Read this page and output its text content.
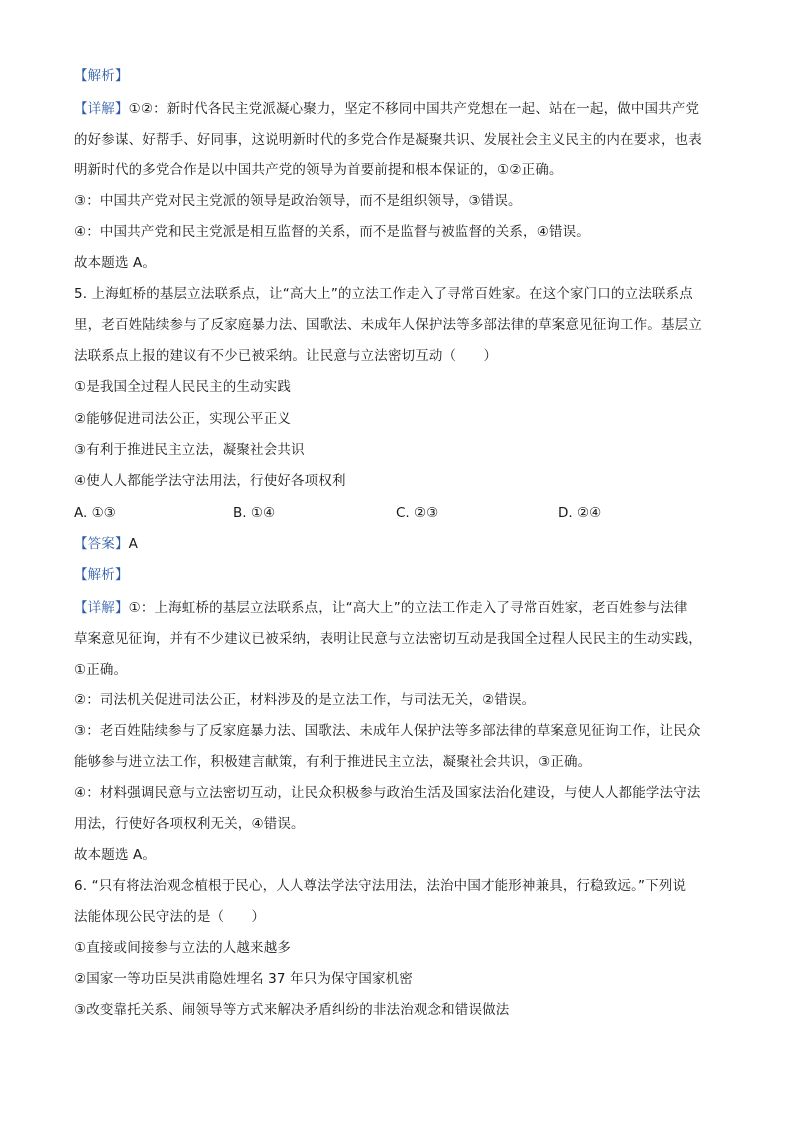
【解析】
【详解】①②：新时代各民主党派凝心聚力，坚定不移同中国共产党想在一起、站在一起，做中国共产党
的好参谋、好帮手、好同事，这说明新时代的多党合作是凝聚共识、发展社会主义民主的内在要求，也表
明新时代的多党合作是以中国共产党的领导为首要前提和根本保证的，①②正确。
③：中国共产党对民主党派的领导是政治领导，而不是组织领导，③错误。
④：中国共产党和民主党派是相互监督的关系，而不是监督与被监督的关系，④错误。
故本题选 A。
5. 上海虹桥的基层立法联系点，让“高大上”的立法工作走入了寻常百姓家。在这个家门口的立法联系点
里，老百姓陆续参与了反家庭暴力法、国歌法、未成年人保护法等多部法律的草案意见征询工作。基层立
法联系点上报的建议有不少已被采纳。让民意与立法密切互动（　　）
①是我国全过程人民民主的生动实践
②能够促进司法公正，实现公平正义
③有利于推进民主立法，凝聚社会共识
④使人人都能学法守法用法，行使好各项权利
A. ①③	B. ①④	C. ②③	D. ②④
【答案】A
【解析】
【详解】①：上海虹桥的基层立法联系点，让“高大上”的立法工作走入了寻常百姓家，老百姓参与法律
草案意见征询，并有不少建议已被采纳，表明让民意与立法密切互动是我国全过程人民民主的生动实践，
①正确。
②：司法机关促进司法公正，材料涉及的是立法工作，与司法无关，②错误。
③：老百姓陆续参与了反家庭暴力法、国歌法、未成年人保护法等多部法律的草案意见征询工作，让民众
能够参与进立法工作，积极建言献策，有利于推进民主立法，凝聚社会共识，③正确。
④：材料强调民意与立法密切互动，让民众积极参与政治生活及国家法治化建设，与使人人都能学法守法
用法，行使好各项权利无关，④错误。
故本题选 A。
6. “只有将法治观念植根于民心，人人尊法学法守法用法，法治中国才能形神兼具，行稳致远。”下列说
法能体现公民守法的是（　　）
①直接或间接参与立法的人越来越多
②国家一等功臣吴洪甫隐姓埋名 37 年只为保守国家机密
③改变靠托关系、闹领导等方式来解决矛盾纠纷的非法治观念和错误做法
